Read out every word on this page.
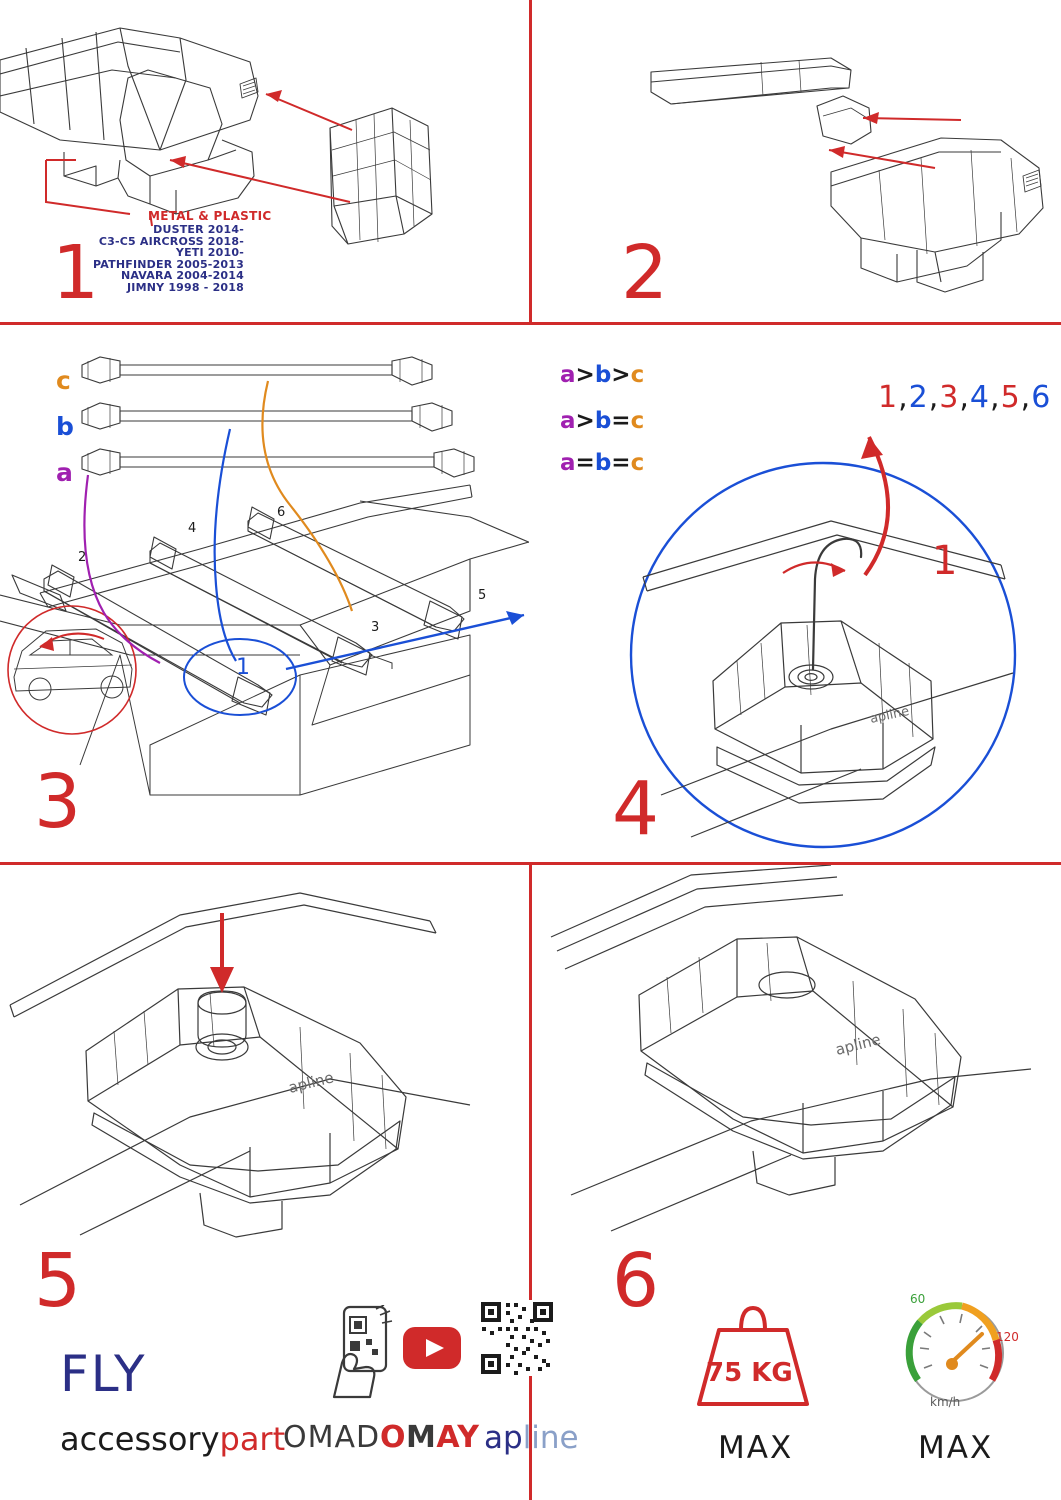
1
METAL & PLASTIC
DUSTER 2014-
C3-C5 AIRCROSS 2018-
YETI 2010-
PATHFINDER 2005-2013
NAVARA 2004-2014
JIMNY 1998 - 2018	2
c
b
a
a>b>c
a>b=c
a=b=c
2
4
6
3
5
1
3
apline
1,2,3,4,5,6
1
4
apline
5
apline
6
75 KG
MAX
60
120
km/h
MAX
FLY
accessorypart
OMAD OMAY apline
